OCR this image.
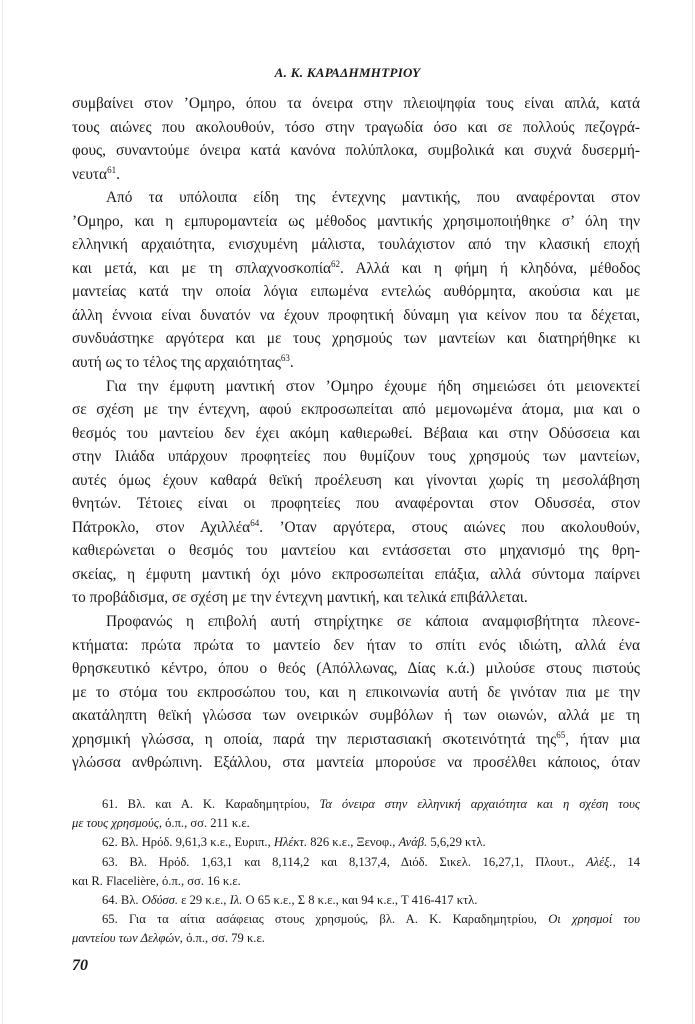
Α. Κ. ΚΑΡΑΔΗΜΗΤΡΙΟΥ
συμβαίνει στον ’Ομηρο, όπου τα όνειρα στην πλειοψηφία τους είναι απλά, κατά
τους αιώνες που ακολουθούν, τόσο στην τραγωδία όσο και σε πολλούς πεζογρά-
φους, συναντούμε όνειρα κατά κανόνα πολύπλοκα, συμβολικά και συχνά δυσερμή-
νευτα$^{61}$.
Από τα υπόλοιπα είδη της έντεχνης μαντικής, που αναφέρονται στον
’Ομηρο, και η εμπυρομαντεία ως μέθοδος μαντικής χρησιμοποιήθηκε σ’ όλη την
ελληνική αρχαιότητα, ενισχυμένη μάλιστα, τουλάχιστον από την κλασική εποχή
και μετά, και με τη σπλαχνοσκοπία$^{62}$. Αλλά και η φήμη ή κληδόνα, μέθοδος
μαντείας κατά την οποία λόγια ειπωμένα εντελώς αυθόρμητα, ακούσια και με
άλλη έννοια είναι δυνατόν να έχουν προφητική δύναμη για κείνον που τα δέχεται,
συνδυάστηκε αργότερα και με τους χρησμούς των μαντείων και διατηρήθηκε κι
αυτή ως το τέλος της αρχαιότητας$^{63}$.
Για την έμφυτη μαντική στον ’Ομηρο έχουμε ήδη σημειώσει ότι μειονεκτεί
σε σχέση με την έντεχνη, αφού εκπροσωπείται από μεμονωμένα άτομα, μια και ο
θεσμός του μαντείου δεν έχει ακόμη καθιερωθεί. Βέβαια και στην Οδύσσεια και
στην Ιλιάδα υπάρχουν προφητείες που θυμίζουν τους χρησμούς των μαντείων,
αυτές όμως έχουν καθαρά θεϊκή προέλευση και γίνονται χωρίς τη μεσολάβηση
θνητών. Τέτοιες είναι οι προφητείες που αναφέρονται στον Οδυσσέα, στον
Πάτροκλο, στον Αχιλλέα$^{64}$. ’Οταν αργότερα, στους αιώνες που ακολουθούν,
καθιερώνεται ο θεσμός του μαντείου και εντάσσεται στο μηχανισμό της θρη-
σκείας, η έμφυτη μαντική όχι μόνο εκπροσωπείται επάξια, αλλά σύντομα παίρνει
το προβάδισμα, σε σχέση με την έντεχνη μαντική, και τελικά επιβάλλεται.
Προφανώς η επιβολή αυτή στηρίχτηκε σε κάποια αναμφισβήτητα πλεονε-
κτήματα: πρώτα πρώτα το μαντείο δεν ήταν το σπίτι ενός ιδιώτη, αλλά ένα
θρησκευτικό κέντρο, όπου ο θεός (Απόλλωνας, Δίας κ.ά.) μιλούσε στους πιστούς
με το στόμα του εκπροσώπου του, και η επικοινωνία αυτή δε γινόταν πια με την
ακατάληπτη θεϊκή γλώσσα των ονειρικών συμβόλων ή των οιωνών, αλλά με τη
χρησμική γλώσσα, η οποία, παρά την περιστασιακή σκοτεινότητά της$^{65}$, ήταν μια
γλώσσα ανθρώπινη. Εξάλλου, στα μαντεία μπορούσε να προσέλθει κάποιος, όταν
61. Βλ. και Α. Κ. Καραδημητρίου, Τα όνειρα στην ελληνική αρχαιότητα και η σχέση τους
με τους χρησμούς, ό.π., σσ. 211 κ.ε.
62. Βλ. Ηρόδ. 9,61,3 κ.ε., Ευριπ., Ηλέκτ. 826 κ.ε., Ξενοφ., Ανάβ. 5,6,29 κτλ.
63. Βλ. Ηρόδ. 1,63,1 και 8,114,2 και 8,137,4, Διόδ. Σικελ. 16,27,1, Πλουτ., Αλέξ., 14
και R. Flacelière, ό.π., σσ. 16 κ.ε.
64. Βλ. Οδύσσ. ε 29 κ.ε., Ιλ. Ο 65 κ.ε., Σ 8 κ.ε., και 94 κ.ε., Τ 416-417 κτλ.
65. Για τα αίτια ασάφειας στους χρησμούς, βλ. Α. Κ. Καραδημητρίου, Οι χρησμοί του
μαντείου των Δελφών, ό.π., σσ. 79 κ.ε.
70
